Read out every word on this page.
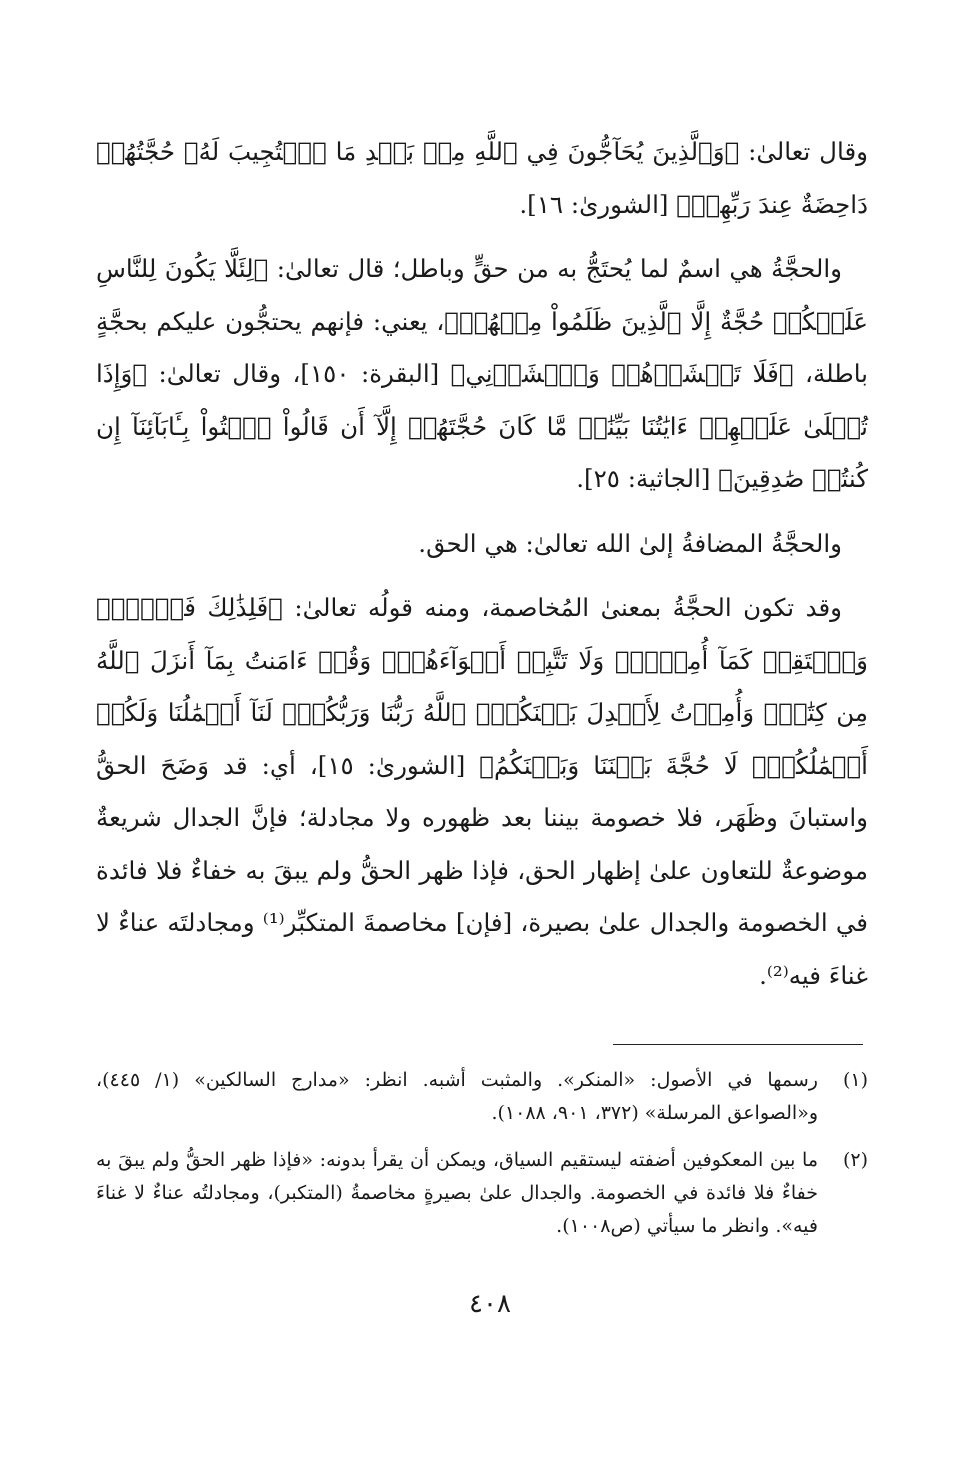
وقال تعالىٰ: ﴿وَٱلَّذِينَ يُحَآجُّونَ فِي ٱللَّهِ مِنۢ بَعۡدِ مَا ٱسۡتُجِيبَ لَهُۥ حُجَّتُهُمۡ دَاحِضَةٌ عِندَ رَبِّهِمۡ﴾ [الشورىٰ: ١٦].

والحجَّةُ هي اسمٌ لما يُحتَجُّ به من حقٍّ وباطل؛ قال تعالىٰ: ﴿لِئَلَّا يَكُونَ لِلنَّاسِ عَلَيۡكُمۡ حُجَّةٌ إِلَّا ٱلَّذِينَ ظَلَمُواْ مِنۡهُمۡ﴾، يعني: فإنهم يحتجُّون عليكم بحجَّةٍ باطلة، ﴿فَلَا تَخۡشَوۡهُمۡ وَٱخۡشَوۡنِي﴾ [البقرة: ١٥٠]، وقال تعالىٰ: ﴿وَإِذَا تُتۡلَىٰ عَلَيۡهِمۡ ءَايَٰتُنَا بَيِّنَٰتٖ مَّا كَانَ حُجَّتَهُمۡ إِلَّآ أَن قَالُواْ ٱئۡتُواْ بِـَٔابَآئِنَآ إِن كُنتُمۡ صَٰدِقِينَ﴾ [الجاثية: ٢٥].

والحجَّةُ المضافةُ إلىٰ الله تعالىٰ: هي الحق.

وقد تكون الحجَّةُ بمعنىٰ المُخاصمة، ومنه قولُه تعالىٰ: ﴿فَلِذَٰلِكَ فَٱدۡعُۖ وَٱسۡتَقِمۡ كَمَآ أُمِرۡتَۖ وَلَا تَتَّبِعۡ أَهۡوَآءَهُمۡۖ وَقُلۡ ءَامَنتُ بِمَآ أَنزَلَ ٱللَّهُ مِن كِتَٰبٖۖ وَأُمِرۡتُ لِأَعۡدِلَ بَيۡنَكُمُۖ ٱللَّهُ رَبُّنَا وَرَبُّكُمۡۖ لَنَآ أَعۡمَٰلُنَا وَلَكُمۡ أَعۡمَٰلُكُمۡۖ لَا حُجَّةَ بَيۡنَنَا وَبَيۡنَكُمُ﴾ [الشورىٰ: ١٥]، أي: قد وَضَحَ الحقُّ واستبانَ وظَهَر، فلا خصومة بيننا بعد ظهوره ولا مجادلة؛ فإنَّ الجدال شريعةٌ موضوعةٌ للتعاون علىٰ إظهار الحق، فإذا ظهر الحقُّ ولم يبقَ به خفاءٌ فلا فائدة في الخصومة والجدال علىٰ بصيرة، [فإن] مخاصمةَ المتكبِّر⁽¹⁾ ومجادلتَه عناءٌ لا غناءَ فيه⁽²⁾.

(١)
رسمها في الأصول: «المنكر». والمثبت أشبه. انظر: «مدارج السالكين» (١/ ٤٤٥)، و«الصواعق المرسلة» (٣٧٢، ٩٠١، ١٠٨٨).
(٢)
ما بين المعكوفين أضفته ليستقيم السياق، ويمكن أن يقرأ بدونه: «فإذا ظهر الحقُّ ولم يبقَ به خفاءٌ فلا فائدة في الخصومة. والجدال علىٰ بصيرةٍ مخاصمةُ (المتكبر)، ومجادلتُه عناءٌ لا غناءَ فيه». وانظر ما سيأتي (ص١٠٠٨).
٤٠٨
